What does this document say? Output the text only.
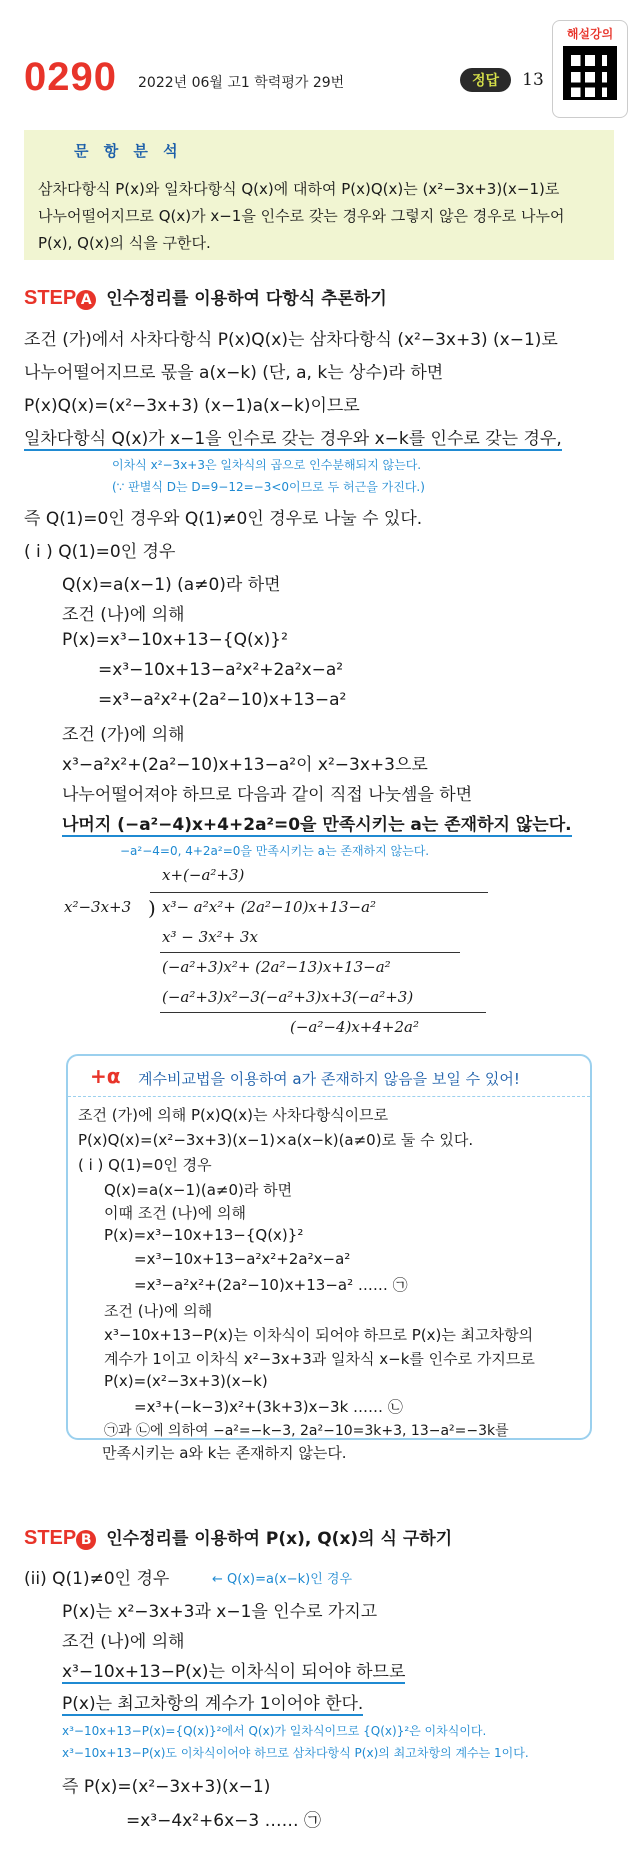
0290 2022년 06월 고1 학력평가 29번	정답 13
해설강의
문 항 분 석
삼차다항식 P(x)와 일차다항식 Q(x)에 대하여 P(x)Q(x)는 (x²−3x+3)(x−1)로
나누어떨어지므로 Q(x)가 x−1을 인수로 갖는 경우와 그렇지 않은 경우로 나누어
P(x), Q(x)의 식을 구한다.
STEP A 인수정리를 이용하여 다항식 추론하기
조건 (가)에서 사차다항식 P(x)Q(x)는 삼차다항식 (x²−3x+3) (x−1)로
나누어떨어지므로 몫을 a(x−k) (단, a, k는 상수)라 하면
P(x)Q(x)=(x²−3x+3) (x−1)a(x−k)이므로
일차다항식 Q(x)가 x−1을 인수로 갖는 경우와 x−k를 인수로 갖는 경우,
이차식 x²−3x+3은 일차식의 곱으로 인수분해되지 않는다.
(∵ 판별식 D는 D=9−12=−3<0이므로 두 허근을 가진다.)
즉 Q(1)=0인 경우와 Q(1)≠0인 경우로 나눌 수 있다.
( i ) Q(1)=0인 경우
Q(x)=a(x−1) (a≠0)라 하면
조건 (나)에 의해
P(x)=x³−10x+13−{Q(x)}²
=x³−10x+13−a²x²+2a²x−a²
=x³−a²x²+(2a²−10)x+13−a²
조건 (가)에 의해
x³−a²x²+(2a²−10)x+13−a²이 x²−3x+3으로
나누어떨어져야 하므로 다음과 같이 직접 나눗셈을 하면
나머지 (−a²−4)x+4+2a²=0을 만족시키는 a는 존재하지 않는다.
−a²−4=0, 4+2a²=0을 만족시키는 a는 존재하지 않는다.
x+(−a²+3)
x²−3x+3 ) x³− a²x²+ (2a²−10)x+13−a²
x³ − 3x²+ 3x
(−a²+3)x²+ (2a²−13)x+13−a²
(−a²+3)x²−3(−a²+3)x+3(−a²+3)
(−a²−4)x+4+2a²
+α 계수비교법을 이용하여 a가 존재하지 않음을 보일 수 있어!
조건 (가)에 의해 P(x)Q(x)는 사차다항식이므로
P(x)Q(x)=(x²−3x+3)(x−1)×a(x−k)(a≠0)로 둘 수 있다.
( i ) Q(1)=0인 경우
Q(x)=a(x−1)(a≠0)라 하면
이때 조건 (나)에 의해
P(x)=x³−10x+13−{Q(x)}²
=x³−10x+13−a²x²+2a²x−a²
=x³−a²x²+(2a²−10)x+13−a² …… ㉠
조건 (나)에 의해
x³−10x+13−P(x)는 이차식이 되어야 하므로 P(x)는 최고차항의
계수가 1이고 이차식 x²−3x+3과 일차식 x−k를 인수로 가지므로
P(x)=(x²−3x+3)(x−k)
=x³+(−k−3)x²+(3k+3)x−3k …… ㉡
㉠과 ㉡에 의하여 −a²=−k−3, 2a²−10=3k+3, 13−a²=−3k를
만족시키는 a와 k는 존재하지 않는다.
STEP B 인수정리를 이용하여 P(x), Q(x)의 식 구하기
(ii) Q(1)≠0인 경우	← Q(x)=a(x−k)인 경우
P(x)는 x²−3x+3과 x−1을 인수로 가지고
조건 (나)에 의해
x³−10x+13−P(x)는 이차식이 되어야 하므로
P(x)는 최고차항의 계수가 1이어야 한다.
x³−10x+13−P(x)={Q(x)}²에서 Q(x)가 일차식이므로 {Q(x)}²은 이차식이다.
x³−10x+13−P(x)도 이차식이어야 하므로 삼차다항식 P(x)의 최고차항의 계수는 1이다.
즉 P(x)=(x²−3x+3)(x−1)
=x³−4x²+6x−3 …… ㉠
